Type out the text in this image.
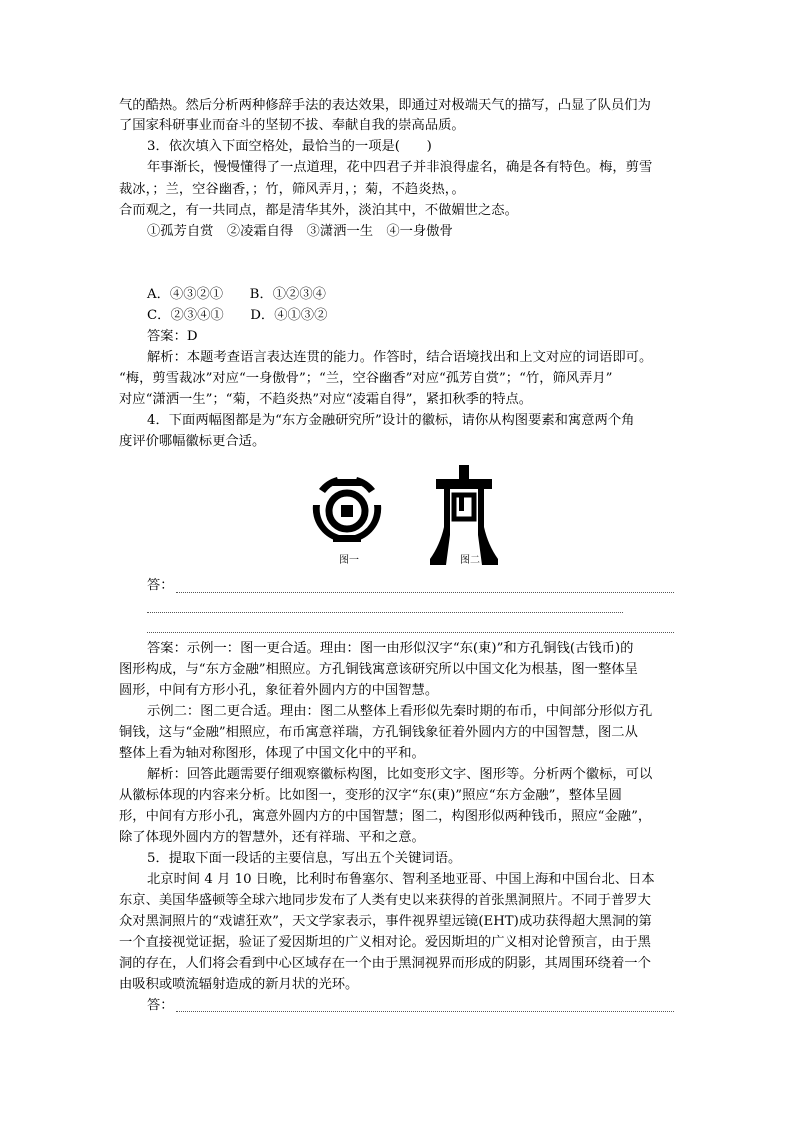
气的酷热。然后分析两种修辞手法的表达效果，即通过对极端天气的描写，凸显了队员们为
了国家科研事业而奋斗的坚韧不拔、奉献自我的崇高品质。
3．依次填入下面空格处，最恰当的一项是(　　)
年事渐长，慢慢懂得了一点道理，花中四君子并非浪得虚名，确是各有特色。梅，剪雪
裁冰，；兰，空谷幽香，；竹，筛风弄月，；菊，不趋炎热，。
合而观之，有一共同点，都是清华其外，淡泊其中，不做媚世之态。
①孤芳自赏　②凌霜自得　③潇洒一生　④一身傲骨
A．④③②①　　B．①②③④
C．②③④①　　D．④①③②
答案：D
解析：本题考查语言表达连贯的能力。作答时，结合语境找出和上文对应的词语即可。
“梅，剪雪裁冰”对应“一身傲骨”；“兰，空谷幽香”对应“孤芳自赏”；“竹，筛风弄月”
对应“潇洒一生”；“菊，不趋炎热”对应“凌霜自得”，紧扣秋季的特点。
4．下面两幅图都是为“东方金融研究所”设计的徽标，请你从构图要素和寓意两个角
度评价哪幅徽标更合适。
图一	图二
答：
答案：示例一：图一更合适。理由：图一由形似汉字“东(東)”和方孔铜钱(古钱币)的
图形构成，与“东方金融”相照应。方孔铜钱寓意该研究所以中国文化为根基，图一整体呈
圆形，中间有方形小孔，象征着外圆内方的中国智慧。
示例二：图二更合适。理由：图二从整体上看形似先秦时期的布币，中间部分形似方孔
铜钱，这与“金融”相照应，布币寓意祥瑞，方孔铜钱象征着外圆内方的中国智慧，图二从
整体上看为轴对称图形，体现了中国文化中的平和。
解析：回答此题需要仔细观察徽标构图，比如变形文字、图形等。分析两个徽标，可以
从徽标体现的内容来分析。比如图一，变形的汉字“东(東)”照应“东方金融”，整体呈圆
形，中间有方形小孔，寓意外圆内方的中国智慧；图二，构图形似两种钱币，照应“金融”，
除了体现外圆内方的智慧外，还有祥瑞、平和之意。
5．提取下面一段话的主要信息，写出五个关键词语。
北京时间 4 月 10 日晚，比利时布鲁塞尔、智利圣地亚哥、中国上海和中国台北、日本
东京、美国华盛顿等全球六地同步发布了人类有史以来获得的首张黑洞照片。不同于普罗大
众对黑洞照片的“戏谑狂欢”，天文学家表示，事件视界望远镜(EHT)成功获得超大黑洞的第
一个直接视觉证据，验证了爱因斯坦的广义相对论。爱因斯坦的广义相对论曾预言，由于黑
洞的存在，人们将会看到中心区域存在一个由于黑洞视界而形成的阴影，其周围环绕着一个
由吸积或喷流辐射造成的新月状的光环。
答：
